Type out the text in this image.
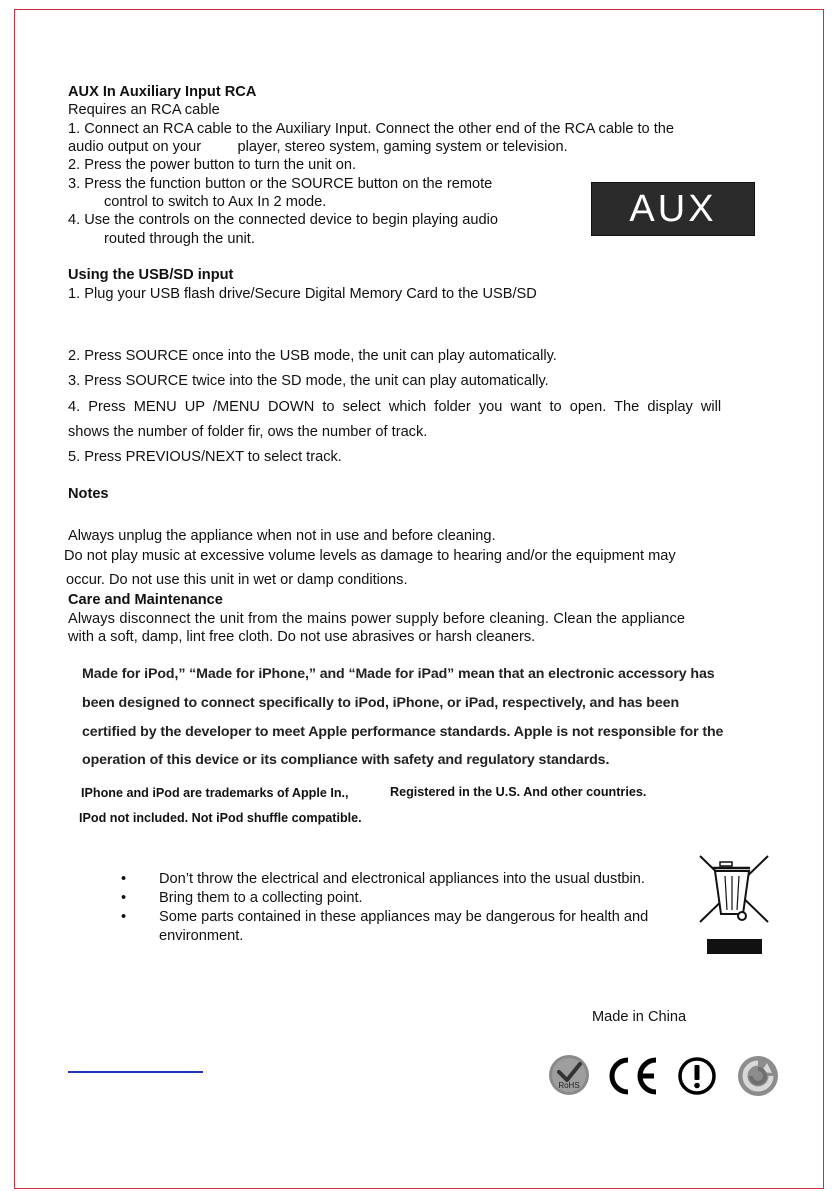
AUX In Auxiliary Input RCA
Requires an RCA cable
1. Connect an RCA cable to the Auxiliary Input. Connect the other end of the RCA cable to the
audio output on your         player, stereo system, gaming system or television.
2. Press the power button to turn the unit on.
3. Press the function button or the SOURCE button on the remote
control to switch to Aux In 2 mode.
4. Use the controls on the connected device to begin playing audio
routed through the unit.
AUX
Using the USB/SD input
1. Plug your USB flash drive/Secure Digital Memory Card to the USB/SD
2. Press SOURCE once into the USB mode, the unit can play automatically.
3. Press SOURCE twice into the SD mode, the unit can play automatically.
4.  Press  MENU  UP  /MENU  DOWN  to  select  which  folder  you  want  to  open.  The  display  will
shows the number of folder fir, ows the number of track.
5. Press PREVIOUS/NEXT to select track.
Notes
Always unplug the appliance when not in use and before cleaning.
Do not play music at excessive volume levels as damage to hearing and/or the equipment may
occur. Do not use this unit in wet or damp conditions.
Care and Maintenance
Always disconnect the unit from the mains power supply before cleaning. Clean the appliance
with a soft, damp, lint free cloth. Do not use abrasives or harsh cleaners.
Made for iPod,” “Made for iPhone,” and “Made for iPad” mean that an electronic accessory has
been designed to connect specifically to iPod, iPhone, or iPad, respectively, and has been
certified by the developer to meet Apple performance standards. Apple is not responsible for the
operation of this device or its compliance with safety and regulatory standards.
IPhone and iPod are trademarks of Apple In.,	Registered in the U.S. And other countries.
IPod not included. Not iPod shuffle compatible.
• Don’t throw the electrical and electronical appliances into the usual dustbin.
• Bring them to a collecting point.
• Some parts contained in these appliances may be dangerous for health and
environment.
Made in China
RoHS
